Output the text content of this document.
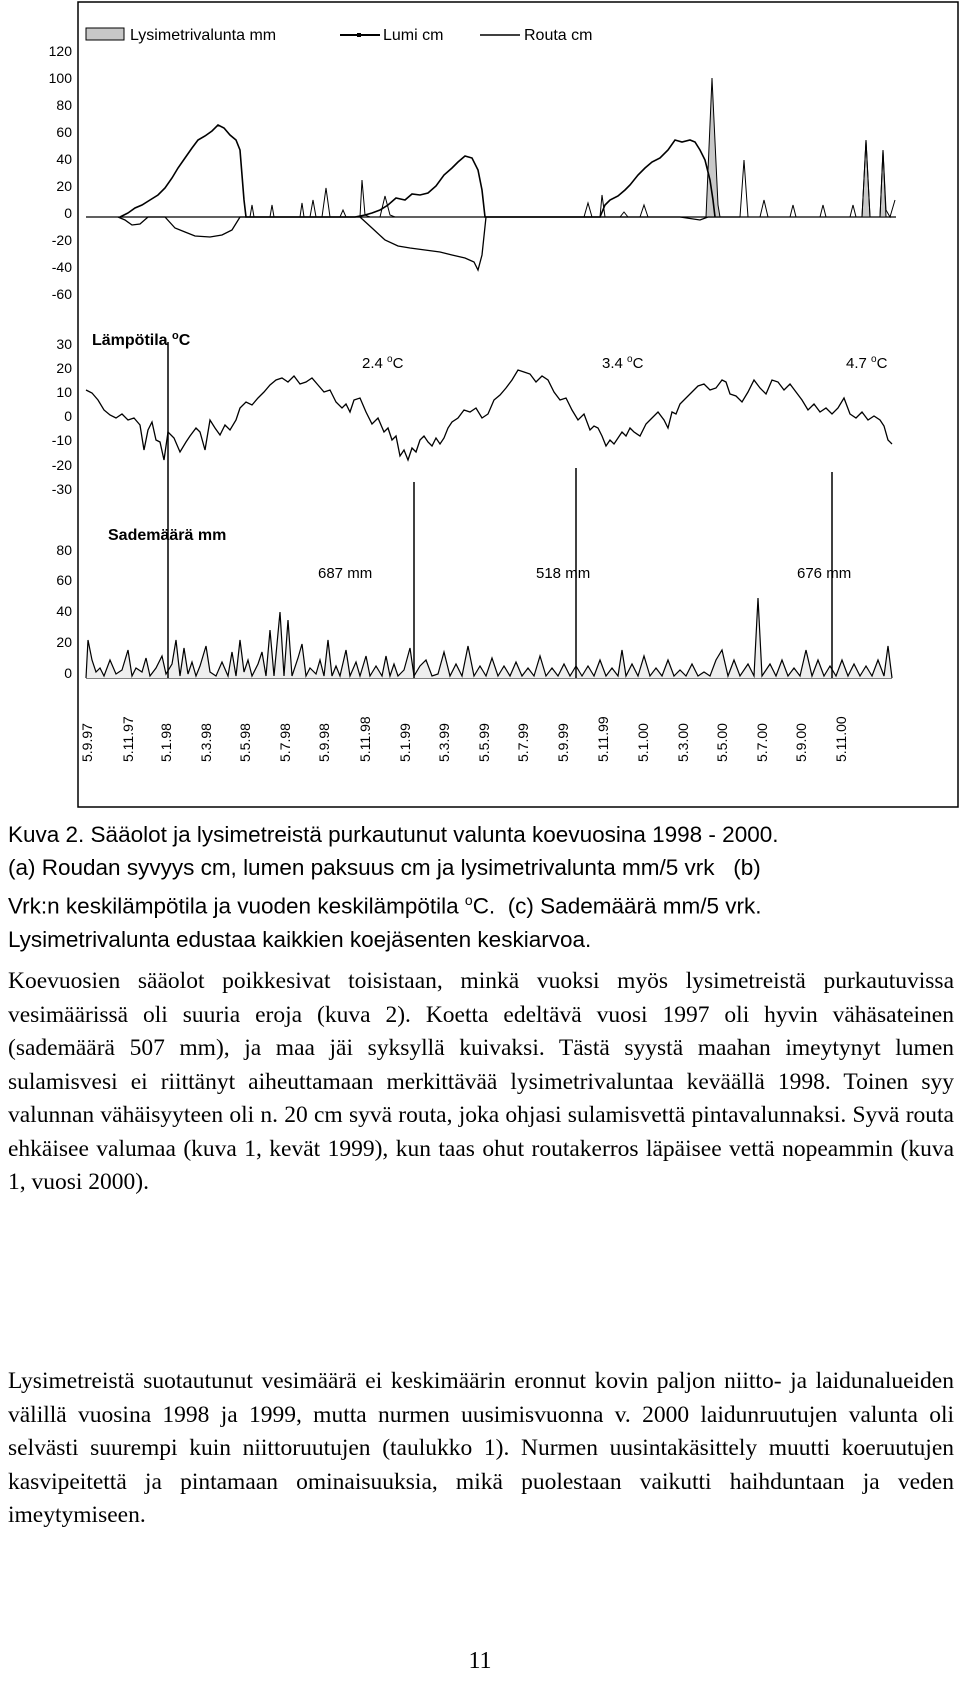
Lysimetrivalunta mm	Lumi cm	Routa cm
120
100
80
60
40
20
0
-20
-40
-60
Lämpötila $^o$C
30
20
10
0
-10
-20
-30
2.4 $^o$C	3.4 $^o$C	4.7 $^o$C
Sademäärä mm
80
60
40
20
0
687 mm	518 mm	676 mm
5.9.97 5.11.97 5.1.98 5.3.98 5.5.98 5.7.98 5.9.98 5.11.98 5.1.99 5.3.99 5.5.99 5.7.99 5.9.99 5.11.99 5.1.00 5.3.00 5.5.00 5.7.00 5.9.00 5.11.00

Kuva 2. Sääolot ja lysimetreistä purkautunut valunta koevuosina 1998 - 2000.

(a) Roudan syvyys cm, lumen paksuus cm ja lysimetrivalunta mm/5 vrk   (b)

Vrk:n keskilämpötila ja vuoden keskilämpötila $^o$C.  (c) Sademäärä mm/5 vrk.

Lysimetrivalunta edustaa kaikkien koejäsenten keskiarvoa.

Koevuosien sääolot poikkesivat toisistaan, minkä vuoksi myös lysimetreistä purkautuvissa vesimäärissä oli suuria eroja (kuva 2). Koetta edeltävä vuosi 1997 oli hyvin vähäsateinen (sademäärä 507 mm), ja maa jäi syksyllä kuivaksi. Tästä syystä maahan imeytynyt lumen sulamisvesi ei riittänyt aiheuttamaan merkittävää lysimetrivaluntaa keväällä 1998. Toinen syy valunnan vähäisyyteen oli n. 20 cm syvä routa, joka ohjasi sulamisvettä pintavalunnaksi. Syvä routa ehkäisee valumaa (kuva 1, kevät 1999), kun taas ohut routakerros läpäisee vettä nopeammin (kuva 1, vuosi 2000).

Lysimetreistä suotautunut vesimäärä ei keskimäärin eronnut kovin paljon niitto- ja laidunalueiden välillä vuosina 1998 ja 1999, mutta nurmen uusimisvuonna v. 2000 laidunruutujen valunta oli selvästi suurempi kuin niittoruutujen (taulukko 1). Nurmen uusintakäsittely muutti koeruutujen kasvipeitettä ja pintamaan ominaisuuksia, mikä puolestaan vaikutti haihduntaan ja veden imeytymiseen.

11
